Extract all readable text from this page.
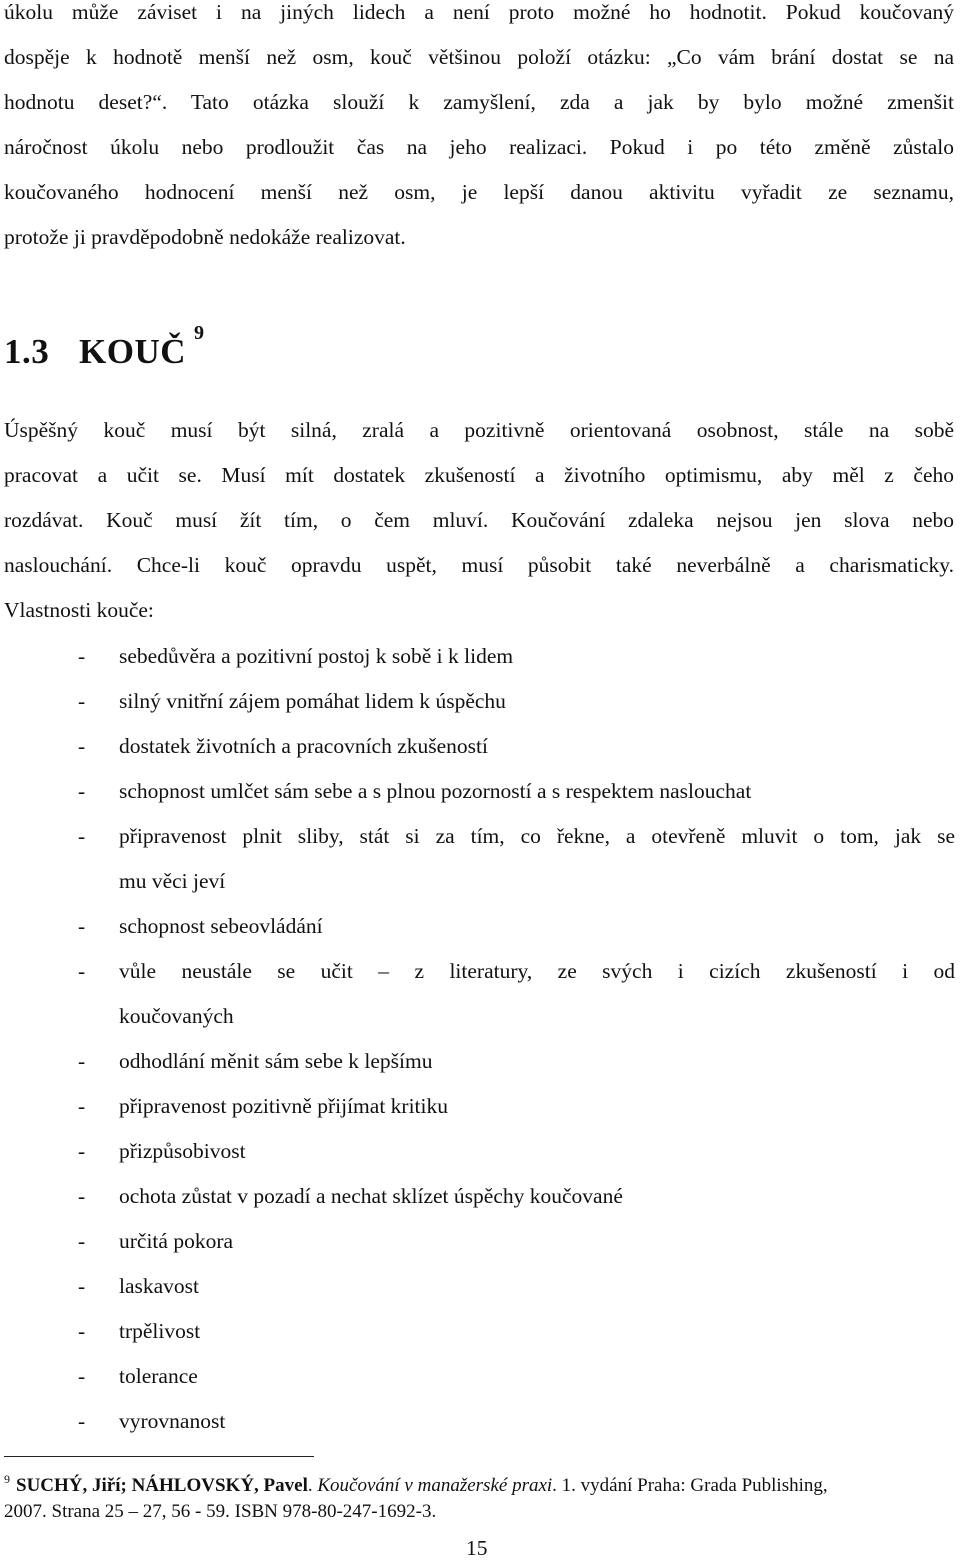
úkolu může záviset i na jiných lidech a není proto možné ho hodnotit. Pokud koučovaný
dospěje k hodnotě menší než osm, kouč většinou položí otázku: „Co vám brání dostat se na
hodnotu deset?“. Tato otázka slouží k zamyšlení, zda a jak by bylo možné zmenšit
náročnost úkolu nebo prodloužit čas na jeho realizaci. Pokud i po této změně zůstalo
koučovaného hodnocení menší než osm, je lepší danou aktivitu vyřadit ze seznamu,
protože ji pravděpodobně nedokáže realizovat.
1.3 KOUČ $^9$
Úspěšný kouč musí být silná, zralá a pozitivně orientovaná osobnost, stále na sobě
pracovat a učit se. Musí mít dostatek zkušeností a životního optimismu, aby měl z čeho
rozdávat. Kouč musí žít tím, o čem mluví. Koučování zdaleka nejsou jen slova nebo
naslouchání. Chce-li kouč opravdu uspět, musí působit také neverbálně a charismaticky.
Vlastnosti kouče:
- sebedůvěra a pozitivní postoj k sobě i k lidem
- silný vnitřní zájem pomáhat lidem k úspěchu
- dostatek životních a pracovních zkušeností
- schopnost umlčet sám sebe a s plnou pozorností a s respektem naslouchat
- připravenost plnit sliby, stát si za tím, co řekne, a otevřeně mluvit o tom, jak se
mu věci jeví
- schopnost sebeovládání
- vůle neustále se učit – z literatury, ze svých i cizích zkušeností i od
koučovaných
- odhodlání měnit sám sebe k lepšímu
- připravenost pozitivně přijímat kritiku
- přizpůsobivost
- ochota zůstat v pozadí a nechat sklízet úspěchy koučované
- určitá pokora
- laskavost
- trpělivost
- tolerance
- vyrovnanost
$^9$ SUCHÝ, Jiří; NÁHLOVSKÝ, Pavel. Koučování v manažerské praxi. 1. vydání Praha: Grada Publishing,
2007. Strana 25 – 27, 56 - 59. ISBN 978-80-247-1692-3.
15
